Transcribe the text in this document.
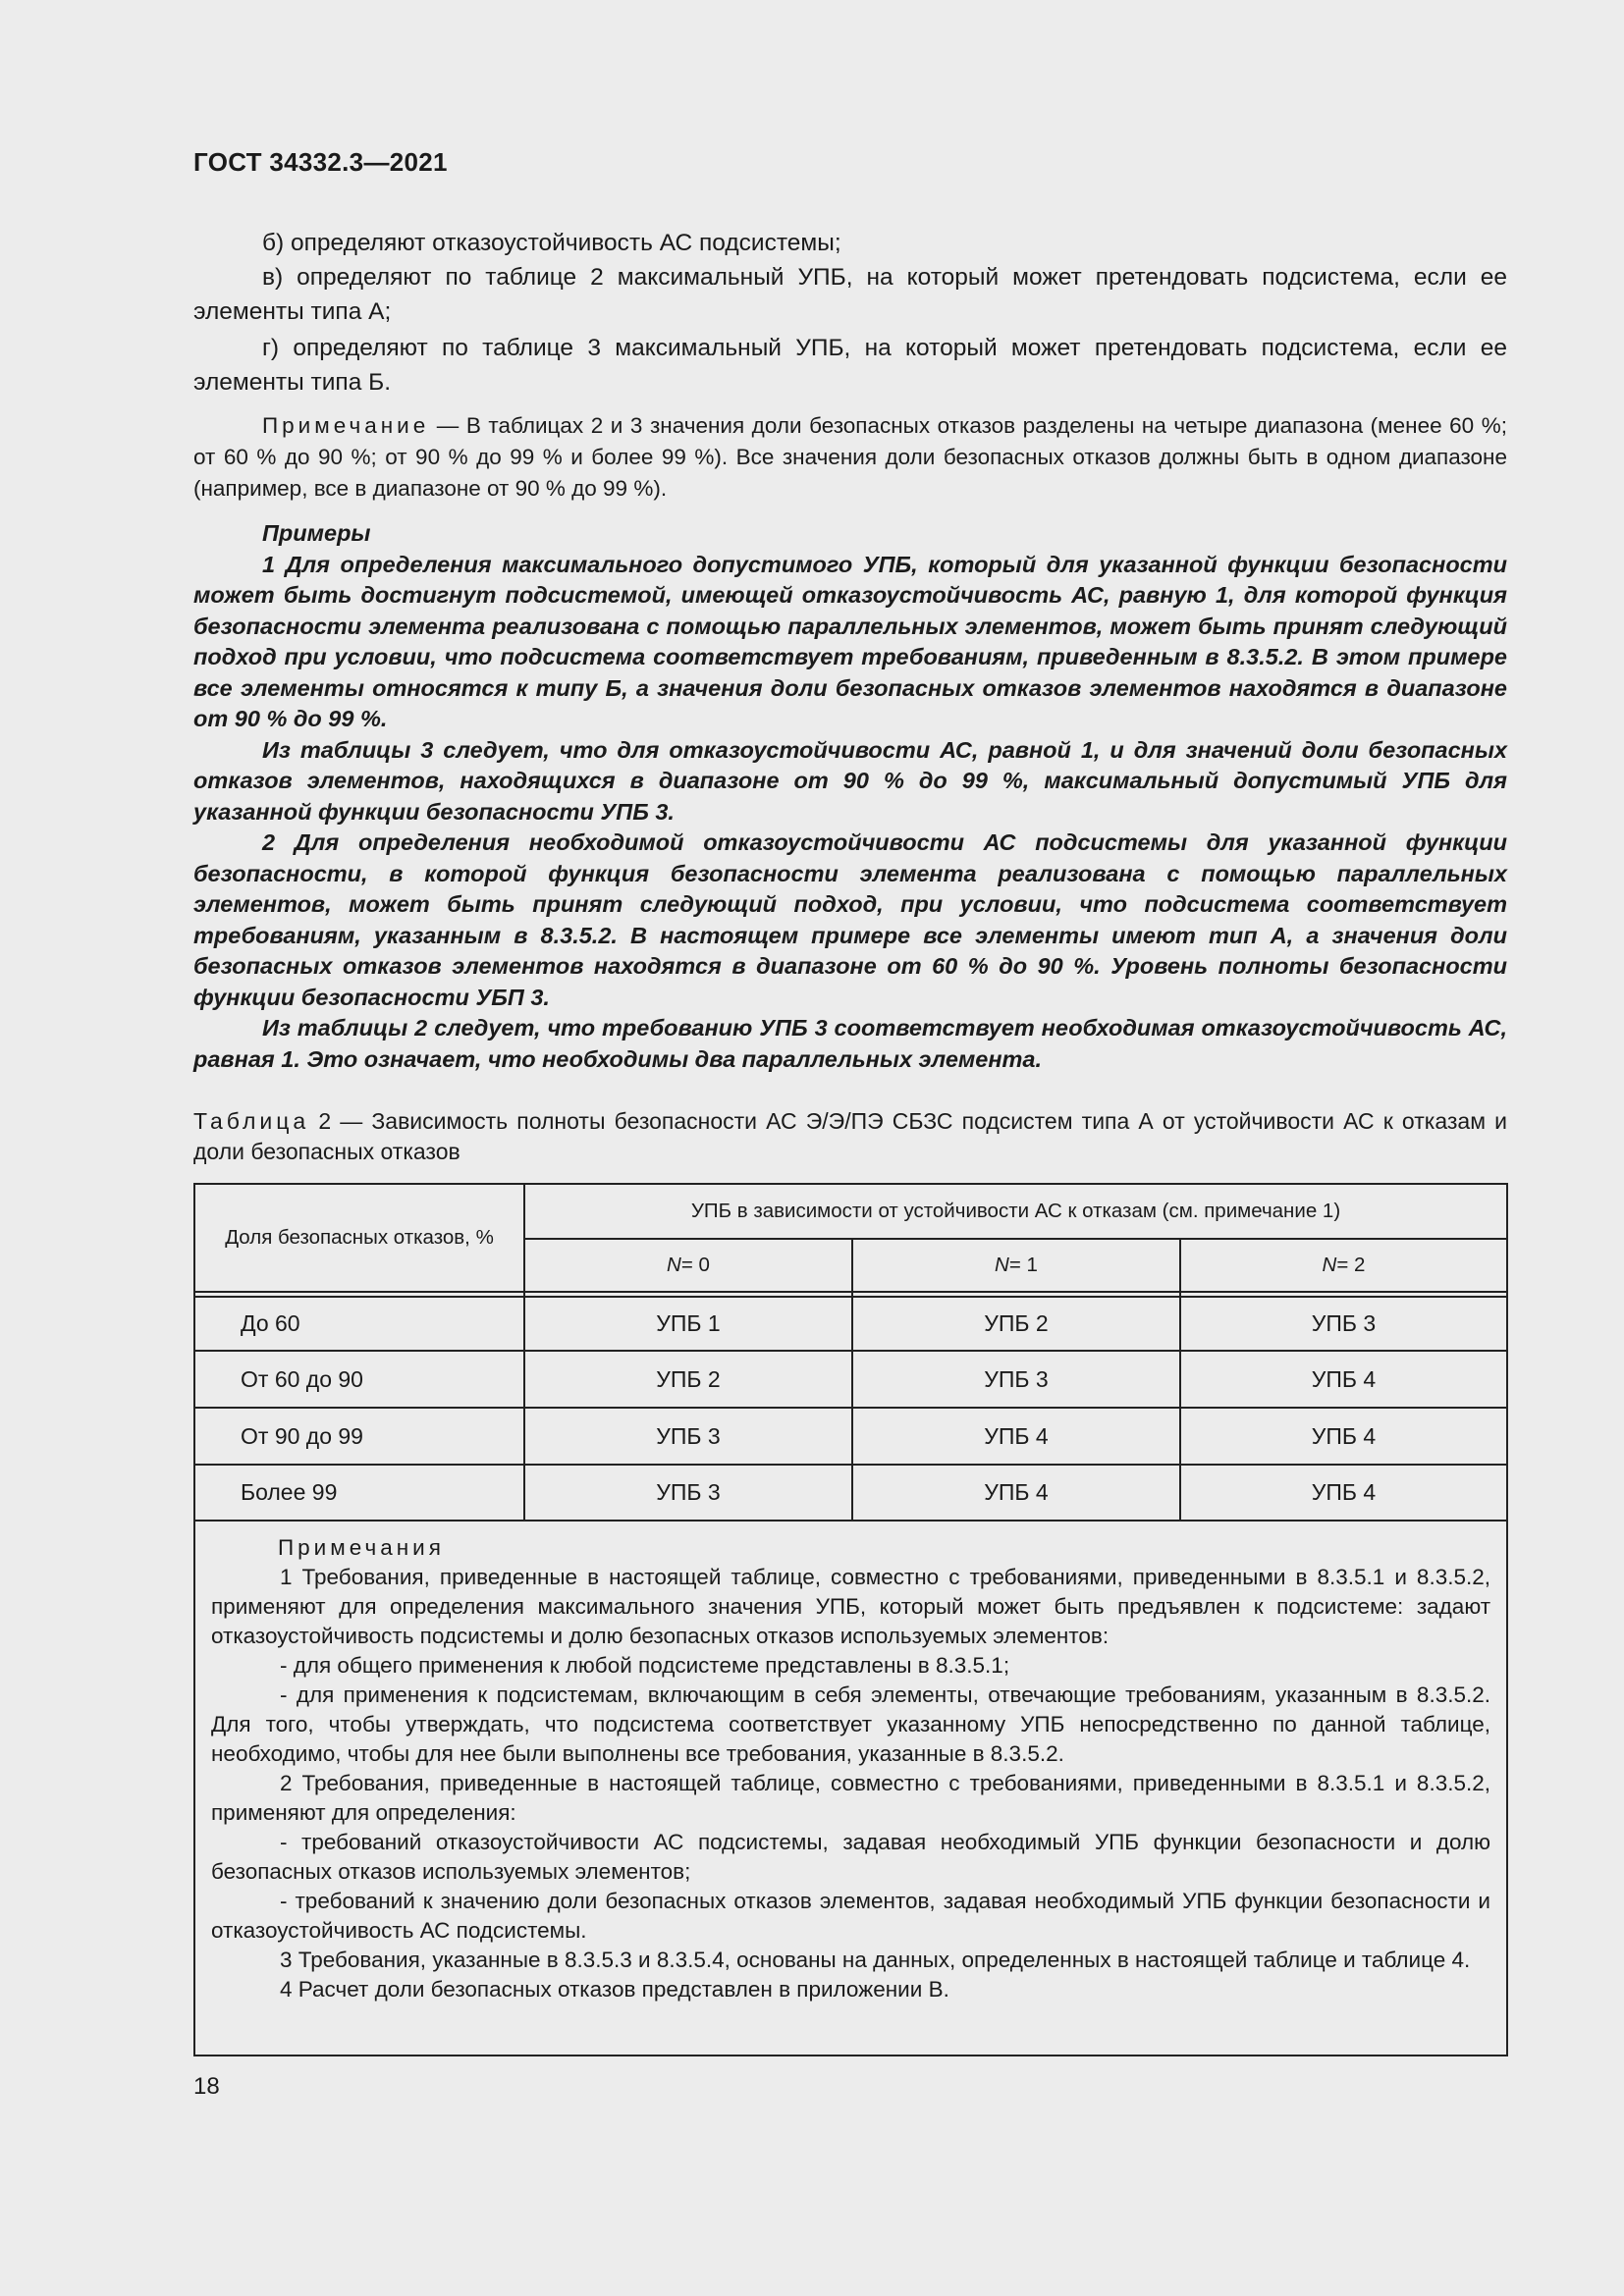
ГОСТ 34332.3—2021

б) определяют отказоустойчивость АС подсистемы;

в) определяют по таблице 2 максимальный УПБ, на который может претендовать подсистема, если ее элементы типа А;

г) определяют по таблице 3 максимальный УПБ, на который может претендовать подсистема, если ее элементы типа Б.

Примечание — В таблицах 2 и 3 значения доли безопасных отказов разделены на четыре диапазона (менее 60 %; от 60 % до 90 %; от 90 % до 99 % и более 99 %). Все значения доли безопасных отказов должны быть в одном диапазоне (например, все в диапазоне от 90 % до 99 %).

Примеры

1 Для определения максимального допустимого УПБ, который для указанной функции безопасности может быть достигнут подсистемой, имеющей отказоустойчивость АС, равную 1, для которой функция безопасности элемента реализована с помощью параллельных элементов, может быть принят следующий подход при условии, что подсистема соответствует требованиям, приведенным в 8.3.5.2. В этом примере все элементы относятся к типу Б, а значения доли безопасных отказов элементов находятся в диапазоне от 90 % до 99 %.

Из таблицы 3 следует, что для отказоустойчивости АС, равной 1, и для значений доли безопасных отказов элементов, находящихся в диапазоне от 90 % до 99 %, максимальный допустимый УПБ для указанной функции безопасности УПБ 3.

2 Для определения необходимой отказоустойчивости АС подсистемы для указанной функции безопасности, в которой функция безопасности элемента реализована с помощью параллельных элементов, может быть принят следующий подход, при условии, что подсистема соответствует требованиям, указанным в 8.3.5.2. В настоящем примере все элементы имеют тип А, а значения доли безопасных отказов элементов находятся в диапазоне от 60 % до 90 %. Уровень полноты безопасности функции безопасности УБП 3.

Из таблицы 2 следует, что требованию УПБ 3 соответствует необходимая отказоустойчивость АС, равная 1. Это означает, что необходимы два параллельных элемента.

Таблица 2 — Зависимость полноты безопасности АС Э/Э/ПЭ СБЗС подсистем типа А от устойчивости АС к отказам и доли безопасных отказов

Доля безопасных отказов, %
УПБ в зависимости от устойчивости АС к отказам (см. примечание 1)
N = 0	N = 1	N = 2
До 60	УПБ 1	УПБ 2	УПБ 3
От 60 до 90	УПБ 2	УПБ 3	УПБ 4
От 90 до 99	УПБ 3	УПБ 4	УПБ 4
Более 99	УПБ 3	УПБ 4	УПБ 4

Примечания

1 Требования, приведенные в настоящей таблице, совместно с требованиями, приведенными в 8.3.5.1 и 8.3.5.2, применяют для определения максимального значения УПБ, который может быть предъявлен к подсистеме: задают отказоустойчивость подсистемы и долю безопасных отказов используемых элементов:

- для общего применения к любой подсистеме представлены в 8.3.5.1;

- для применения к подсистемам, включающим в себя элементы, отвечающие требованиям, указанным в 8.3.5.2. Для того, чтобы утверждать, что подсистема соответствует указанному УПБ непосредственно по данной таблице, необходимо, чтобы для нее были выполнены все требования, указанные в 8.3.5.2.

2 Требования, приведенные в настоящей таблице, совместно с требованиями, приведенными в 8.3.5.1 и 8.3.5.2, применяют для определения:

- требований отказоустойчивости АС подсистемы, задавая необходимый УПБ функции безопасности и долю безопасных отказов используемых элементов;

- требований к значению доли безопасных отказов элементов, задавая необходимый УПБ функции безопасности и отказоустойчивость АС подсистемы.

3 Требования, указанные в 8.3.5.3 и 8.3.5.4, основаны на данных, определенных в настоящей таблице и таблице 4.

4 Расчет доли безопасных отказов представлен в приложении В.

18
